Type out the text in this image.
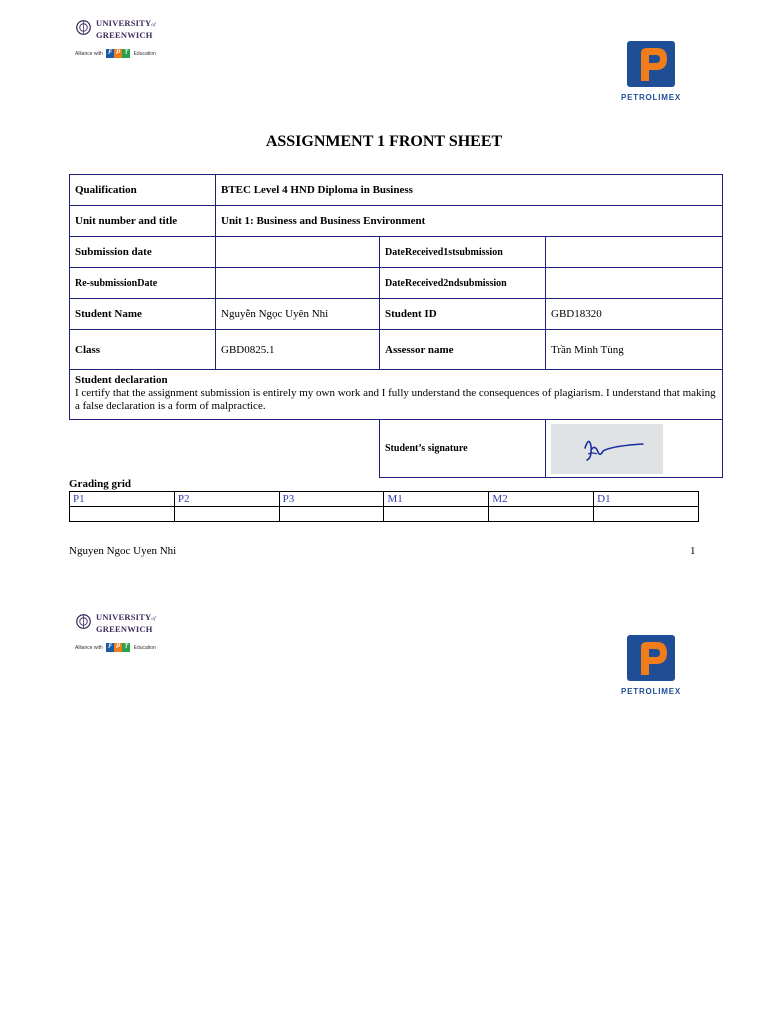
UNIVERSITYof
GREENWICH
Alliance with F P T Education
PETROLIMEX
ASSIGNMENT 1 FRONT SHEET
Qualification	BTEC Level 4 HND Diploma in Business		
Unit number and title	Unit 1: Business and Business Environment		
Submission date		DateReceived1stsubmission	
Re-submissionDate		DateReceived2ndsubmission	
Student Name	Nguyễn Ngọc Uyên Nhi	Student ID	GBD18320
Class	GBD0825.1	Assessor name	Trần Minh Tùng

Student declaration
I certify that the assignment submission is entirely my own work and I fully understand the consequences of plagiarism. I understand that making a false declaration is a form of malpractice.			

		Student’s signature	
Grading grid
P1	P2	P3	M1	M2	D1

Nguyen Ngoc Uyen Nhi	1
UNIVERSITYof
GREENWICH
Alliance with F P T Education
PETROLIMEX
